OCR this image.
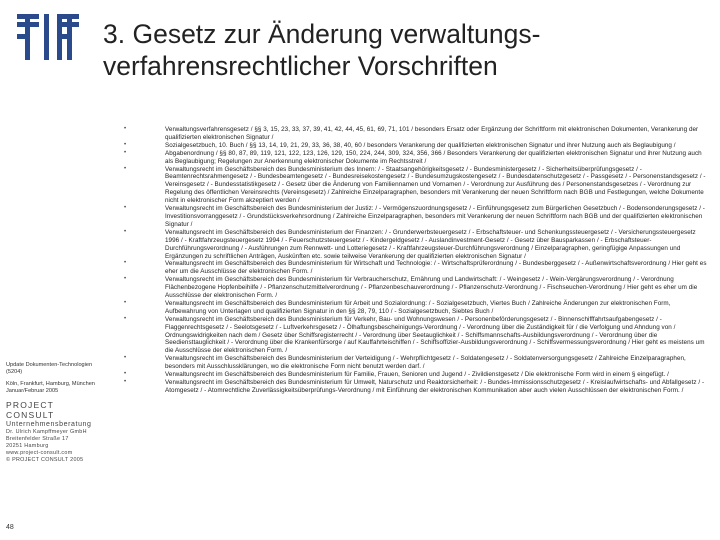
3. Gesetz zur Änderung verwaltungs-verfahrensrechtlicher Vorschriften
•	Verwaltungsverfahrensgesetz / §§ 3, 15, 23, 33, 37, 39, 41, 42, 44, 45, 61, 69, 71, 101 / besonders Ersatz oder Ergänzung der Schriftform mit elektronischen Dokumenten, Verankerung der qualifizierten elektronischen Signatur /
•	Sozialgesetzbuch, 10. Buch / §§ 13, 14, 19, 21, 29, 33, 36, 38, 40, 60 / besonders Verankerung der qualifizierten elektronischen Signatur und ihrer Nutzung auch als Beglaubigung /
•	Abgabenordnung / §§ 80, 87, 89, 119, 121, 122, 123, 126, 129, 150, 224, 244, 309, 324, 356, 366 / Besonders Verankerung der qualifizierten elektronischen Signatur und ihrer Nutzung auch als Beglaubigung; Regelungen zur Anerkennung elektronischer Dokumente im Rechtsstreit /
•	Verwaltungsrecht im Geschäftsbereich des Bundesministerium des Innern: / - Staatsangehörigkeitsgesetz / - Bundesministergesetz / - Sicherheitsüberprüfungsgesetz / - Beamtenrechtsrahmengesetz / - Bundesbeamtengesetz / - Bundesreisekostengesetz / - Bundesumzugskostengesetz / - Bundesdatenschutzgesetz / - Passgesetz / - Personenstandsgesetz / - Vereinsgesetz / - Bundesstatistikgesetz / - Gesetz über die Änderung von Familiennamen und Vornamen / - Verordnung zur Ausführung des / Personenstandsgesetzes / - Verordnung zur Regelung des öffentlichen Vereinsrechts (Vereinsgesetz) / Zahlreiche Einzelparagraphen, besonders mit Verankerung der neuen Schriftform nach BGB und Festlegungen, welche Dokumente nicht in elektronischer Form akzeptiert werden /
•	Verwaltungsrecht im Geschäftsbereich des Bundesministerium der Justiz: / - Vermögenszuordnungsgesetz / - Einführungsgesetz zum Bürgerlichen Gesetzbuch / - Bodensonderungsgesetz / - Investitionsvorranggesetz / - Grundstücksverkehrsordnung / Zahlreiche Einzelparagraphen, besonders mit Verankerung der neuen Schriftform nach BGB und der qualifizierten elektronischen Signatur /
•	Verwaltungsrecht im Geschäftsbereich des Bundesministerium der Finanzen: / - Grunderwerbsteuergesetz / - Erbschaftsteuer- und Schenkungssteuergesetz / - Versicherungssteuergesetz 1996 / - Kraftfahrzeugsteuergesetz 1994 / - Feuerschutzsteuergesetz / - Kindergeldgesetz / - Auslandinvestment-Gesetz / - Gesetz über Bausparkassen / - Erbschaftsteuer-Durchführungsverordnung / - Ausführungen zum Rennwett- und Lotteriegesetz / - Kraftfahrzeugsteuer-Durchführungsverordnung / Einzelparagraphen, geringfügige Anpassungen und Ergänzungen zu schriftlichen Anträgen, Auskünften etc. sowie teilweise Verankerung der qualifizierten elektronischen Signatur /
•	Verwaltungsrecht im Geschäftsbereich des Bundesministerium für Wirtschaft und Technologie: / - Wirtschaftsprüferordnung / - Bundesberggesetz / - Außenwirtschaftsverordnung / Hier geht es eher um die Ausschlüsse der elektronischen Form. /
•	Verwaltungsrecht im Geschäftsbereich des Bundesministerium für Verbraucherschutz, Ernährung und Landwirtschaft: / - Weingesetz / - Wein-Vergärungsverordnung / - Verordnung Flächenbezogene Hopfenbeihilfe / - Pflanzenschutzmittelverordnung / - Pflanzenbeschauverordnung / - Pflanzenschutz-Verordnung / - Fischseuchen-Verordnung / Hier geht es eher um die Ausschlüsse der elektronischen Form. /
•	Verwaltungsrecht im Geschäftsbereich des Bundesministerium für Arbeit und Sozialordnung: / - Sozialgesetzbuch, Viertes Buch / Zahlreiche Änderungen zur elektronischen Form, Aufbewahrung von Unterlagen und qualifizierten Signatur in den §§ 28, 79, 110 / - Sozialgesetzbuch, Siebtes Buch /
•	Verwaltungsrecht im Geschäftsbereich des Bundesministerium für Verkehr, Bau- und Wohnungswesen / - Personenbeförderungsgesetz / - Binnenschifffahrtsaufgabengesetz / - Flaggenrechtsgesetz / - Seelotsgesetz / - Luftverkehrsgesetz / - Ölhaftungsbescheinigungs-Verordnung / - Verordnung über die Zuständigkeit für / die Verfolgung und Ahndung von / Ordnungswidrigkeiten nach dem / Gesetz über Schiffsregisterrecht / - Verordnung über Seetauglichkeit / - Schiffsmannschafts-Ausbildungsverordnung / - Verordnung über die Seediensttauglichkeit / - Verordnung über die Krankenfürsorge / auf Kauffahrteischiffen / - Schiffsoffizier-Ausbildungsverordnung / - Schiffsvermessungsverordnung / Hier geht es meistens um die Ausschlüsse der elektronischen Form. /
•	Verwaltungsrecht im Geschäftsbereich des Bundesministerium der Verteidigung / - Wehrpflichtgesetz / - Soldatengesetz / - Soldatenversorgungsgesetz / Zahlreiche Einzelparagraphen, besonders mit Ausschlussklärungen, wo die elektronische Form nicht benutzt werden darf. /
•	Verwaltungsrecht im Geschäftsbereich des Bundesministerium für Familie, Frauen, Senioren und Jugend / - Zivildienstgesetz / Die elektronische Form wird in einem § eingefügt. /
•	Verwaltungsrecht im Geschäftsbereich des Bundesministerium für Umwelt, Naturschutz und Reaktorsicherheit: / - Bundes-Immissionsschutzgesetz / - Kreislaufwirtschafts- und Abfallgesetz / - Atomgesetz / - Atomrechtliche Zuverlässigkeitsüberprüfungs-Verordnung / mit Einführung der elektronischen Kommunikation aber auch vielen Ausschlüssen der elektronischen Form. /
Update Dokumenten-Technologien (5204)
Köln, Frankfurt, Hamburg, München
Januar/Februar 2005
PROJECT CONSULT
Unternehmensberatung
Dr. Ulrich Kampffmeyer GmbH
Breitenfelder Straße 17
20251 Hamburg
www.project-consult.com
© PROJECT CONSULT 2005
48
